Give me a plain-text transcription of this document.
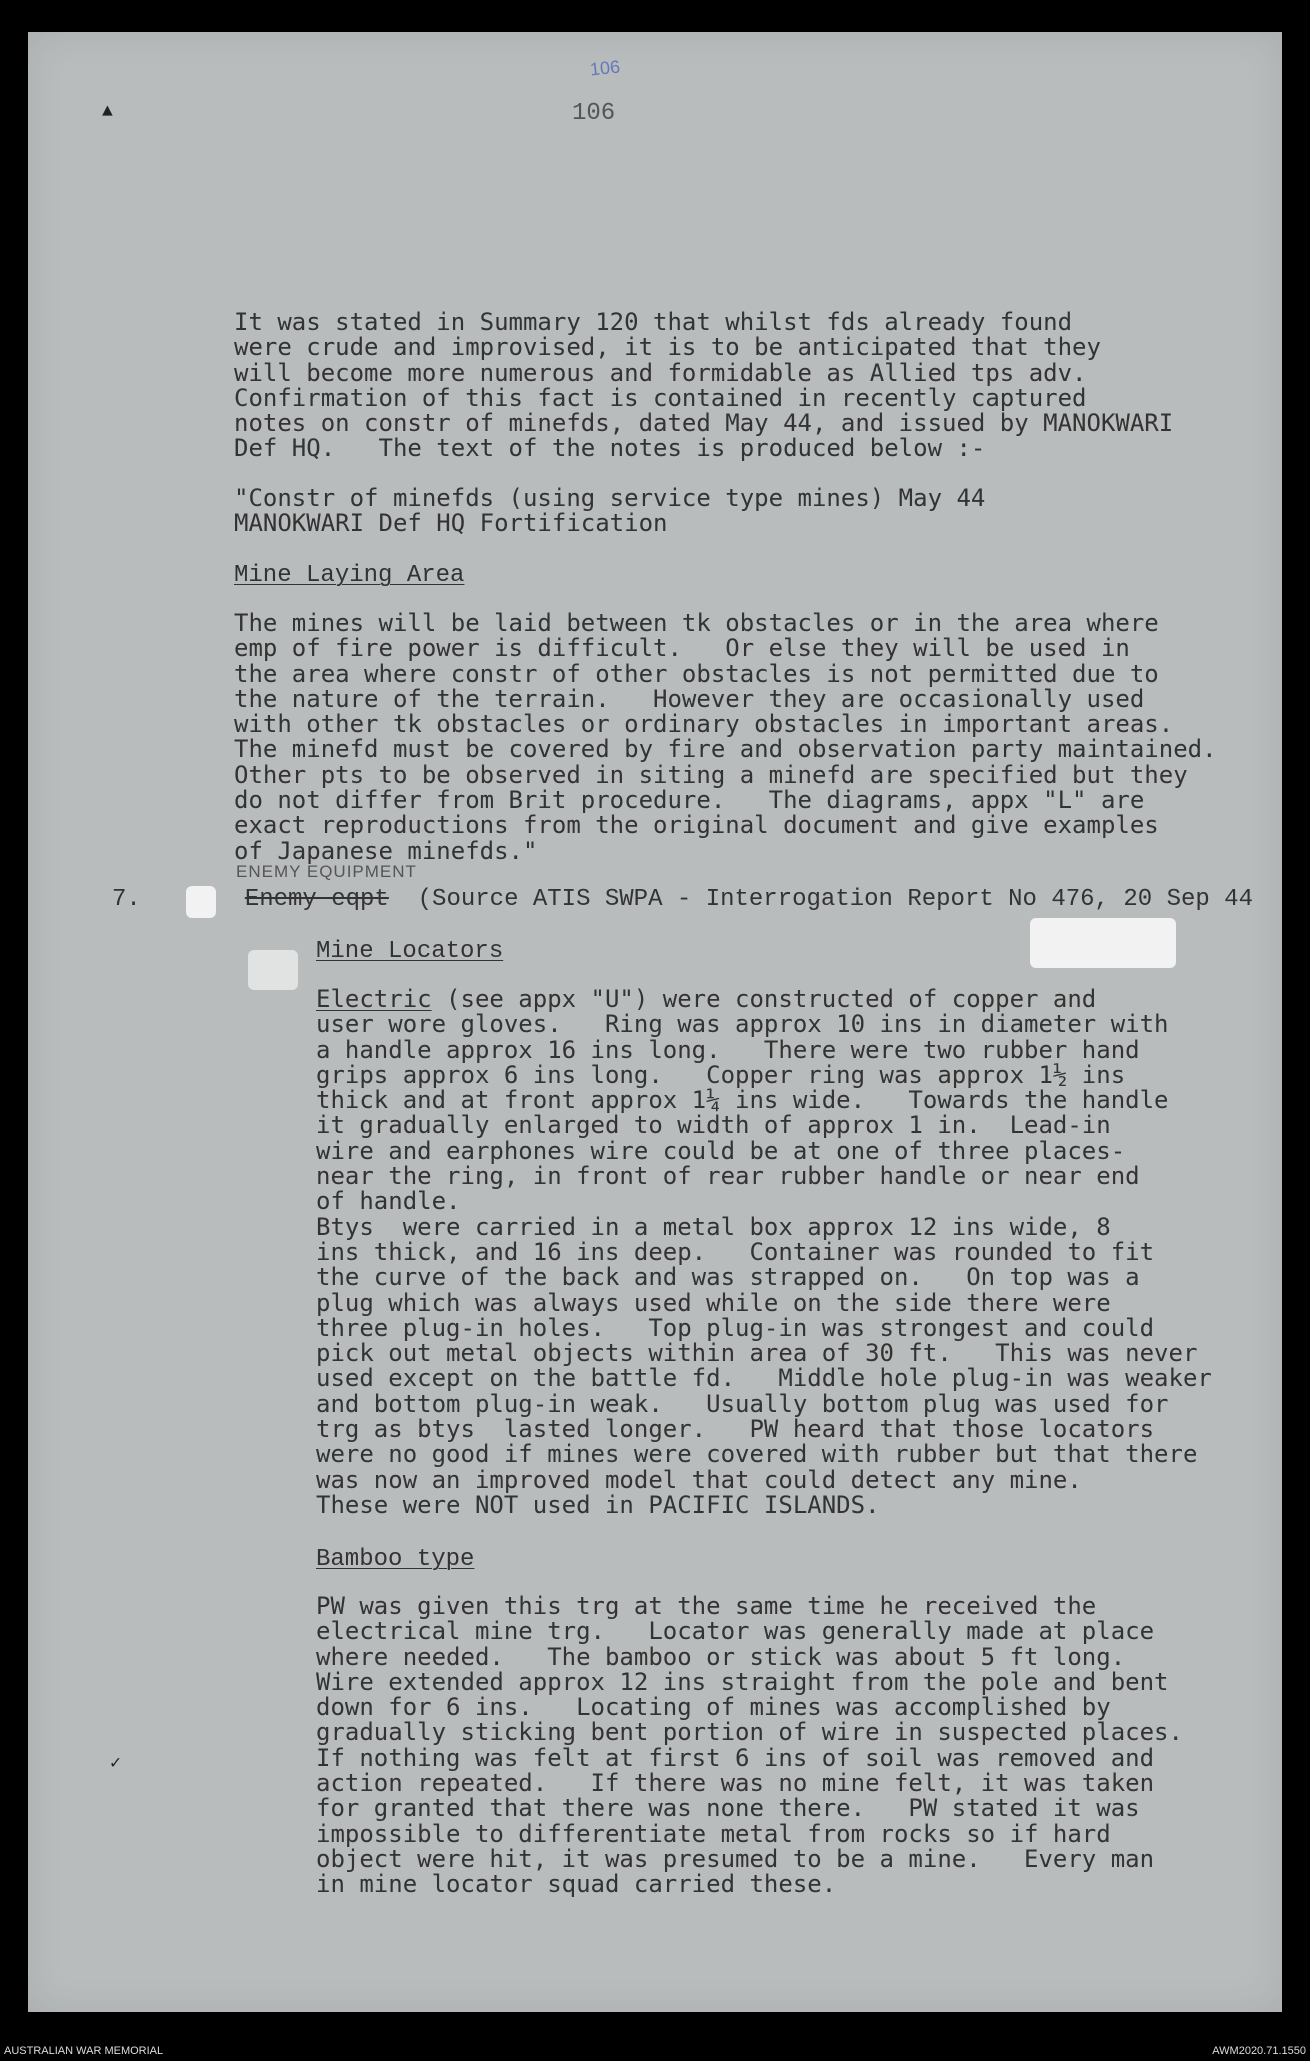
106
106
▲
✓
It was stated in Summary 120 that whilst fds already found
were crude and improvised, it is to be anticipated that they
will become more numerous and formidable as Allied tps adv.
Confirmation of this fact is contained in recently captured
notes on constr of minefds, dated May 44, and issued by MANOKWARI
Def HQ.   The text of the notes is produced below :-
"Constr of minefds (using service type mines) May 44
MANOKWARI Def HQ Fortification
Mine Laying Area
The mines will be laid between tk obstacles or in the area where
emp of fire power is difficult.   Or else they will be used in
the area where constr of other obstacles is not permitted due to
the nature of the terrain.   However they are occasionally used
with other tk obstacles or ordinary obstacles in important areas.
The minefd must be covered by fire and observation party maintained.
Other pts to be observed in siting a minefd are specified but they
do not differ from Brit procedure.   The diagrams, appx "L" are
exact reproductions from the original document and give examples
of Japanese minefds."
ENEMY EQUIPMENT
7.	Enemy eqpt  (Source ATIS SWPA - Interrogation Report No 476, 20 Sep 44
Mine Locators
Electric (see appx "U") were constructed of copper and
user wore gloves.   Ring was approx 10 ins in diameter with
a handle approx 16 ins long.   There were two rubber hand
grips approx 6 ins long.   Copper ring was approx 1½ ins
thick and at front approx 1¼ ins wide.   Towards the handle
it gradually enlarged to width of approx 1 in.  Lead-in
wire and earphones wire could be at one of three places-
near the ring, in front of rear rubber handle or near end
of handle.
Btys  were carried in a metal box approx 12 ins wide, 8
ins thick, and 16 ins deep.   Container was rounded to fit
the curve of the back and was strapped on.   On top was a
plug which was always used while on the side there were
three plug-in holes.   Top plug-in was strongest and could
pick out metal objects within area of 30 ft.   This was never
used except on the battle fd.   Middle hole plug-in was weaker
and bottom plug-in weak.   Usually bottom plug was used for
trg as btys  lasted longer.   PW heard that those locators
were no good if mines were covered with rubber but that there
was now an improved model that could detect any mine.
These were NOT used in PACIFIC ISLANDS.
Bamboo type
PW was given this trg at the same time he received the
electrical mine trg.   Locator was generally made at place
where needed.   The bamboo or stick was about 5 ft long.
Wire extended approx 12 ins straight from the pole and bent
down for 6 ins.   Locating of mines was accomplished by
gradually sticking bent portion of wire in suspected places.
If nothing was felt at first 6 ins of soil was removed and
action repeated.   If there was no mine felt, it was taken
for granted that there was none there.   PW stated it was
impossible to differentiate metal from rocks so if hard
object were hit, it was presumed to be a mine.   Every man
in mine locator squad carried these.
AUSTRALIAN WAR MEMORIAL	AWM2020.71.1550
